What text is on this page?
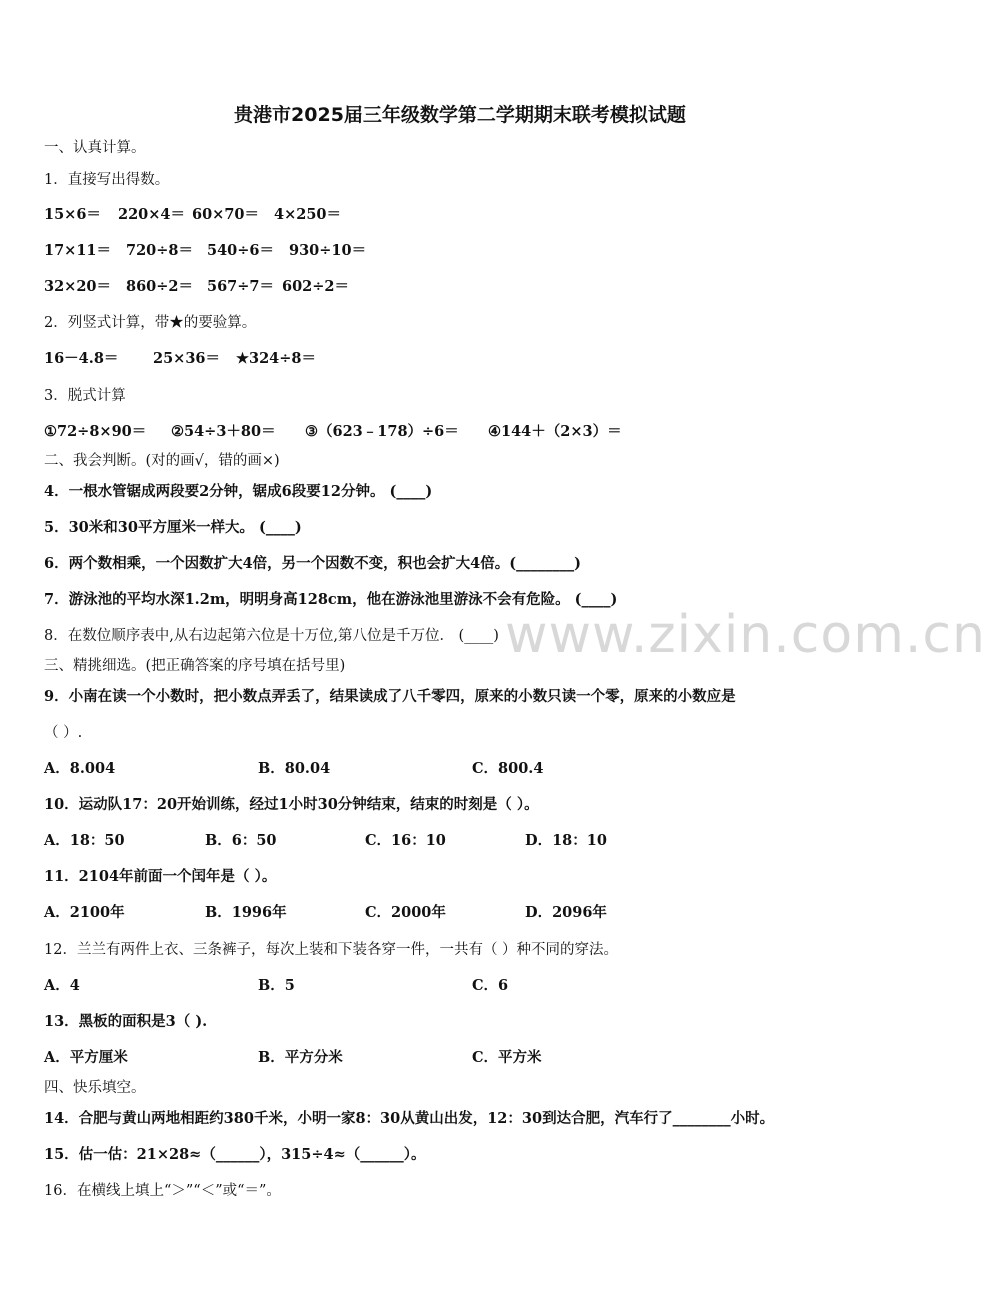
www.zixin.com.cn
贵港市2025届三年级数学第二学期期末联考模拟试题
一、认真计算。
1．直接写出得数。
15×6＝ 220×4＝ 60×70＝ 4×250＝
17×11＝ 720÷8＝ 540÷6＝ 930÷10＝
32×20＝ 860÷2＝ 567÷7＝ 602÷2＝
2．列竖式计算，带★的要验算。
16－4.8＝ 25×36＝ ★324÷8＝
3．脱式计算
①72÷8×90＝ ②54÷3＋80＝ ③（623﹣178）÷6＝ ④144＋（2×3）＝
二、我会判断。(对的画√，错的画×)
4．一根水管锯成两段要2分钟，锯成6段要12分钟。 (____)
5．30米和30平方厘米一样大。 (____)
6．两个数相乘，一个因数扩大4倍，另一个因数不变，积也会扩大4倍。(________)
7．游泳池的平均水深1.2m，明明身高128cm，他在游泳池里游泳不会有危险。 (____)
8．在数位顺序表中,从右边起第六位是十万位,第八位是千万位． (____)
三、精挑细选。(把正确答案的序号填在括号里)
9．小南在读一个小数时，把小数点弄丢了，结果读成了八千零四，原来的小数只读一个零，原来的小数应是
（ ）.
A．8.004	B．80.04	C．800.4
10．运动队17：20开始训练，经过1小时30分钟结束，结束的时刻是（ ）。
A．18：50	B．6：50	C．16：10	D．18：10
11．2104年前面一个闰年是（ ）。
A．2100年	B．1996年	C．2000年	D．2096年
12．兰兰有两件上衣、三条裤子，每次上装和下装各穿一件，一共有（ ）种不同的穿法。
A．4	B．5	C．6
13．黑板的面积是3（ ).
A．平方厘米	B．平方分米	C．平方米
四、快乐填空。
14．合肥与黄山两地相距约380千米，小明一家8：30从黄山出发，12：30到达合肥，汽车行了________小时。
15．估一估：21×28≈（______），315÷4≈（______）。
16．在横线上填上“＞”“＜”或“＝”。
